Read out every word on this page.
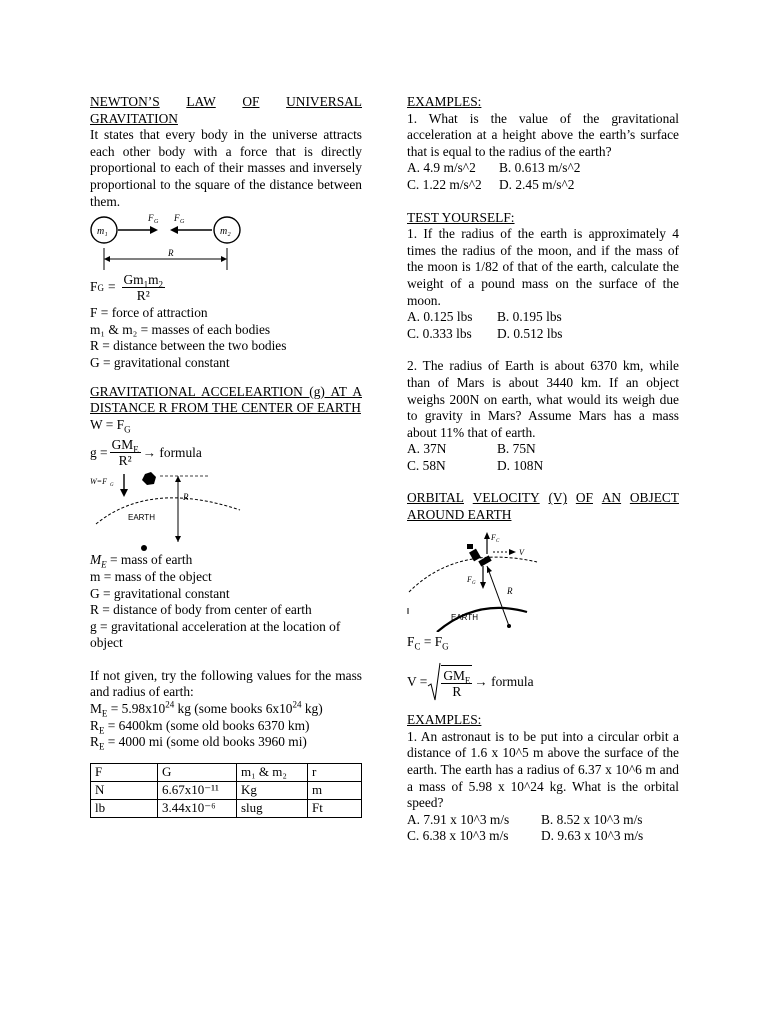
NEWTON’S LAW OF UNIVERSAL
GRAVITATION

It states that every body in the universe attracts each other body with a force that is directly proportional to each of their masses and inversely proportional to the square of the distance between them.

m₁	m₂
F G F G
R
F $G = \frac{Gm_1m_2}{\text{R²}}$
F = force of attraction
m₁ & m₂ = masses of each bodies
R = distance between the two bodies
G = gravitational constant
GRAVITATIONAL ACCELEARTION (g) AT A
DISTANCE R FROM THE CENTER OF EARTH
$W = F_G$
$g = \frac{GM_E}{\text{R²}}$ → formula
W=F G
R
EARTH
$M_E$ = mass of earth
m = mass of the object
G = gravitational constant
R = distance of body from center of earth
g = gravitational acceleration at the location of object

If not given, try the following values for the mass and radius of earth:

$M_E = 5.98x10^{24}$ kg (some books $6x10^{24}$ kg)
$R_E = 6400km$ (some old books 6370 km)
$R_E = 4000$ mi (some old books 3960 mi)
F	G	m₁ & m₂	r
N	6.67x10⁻¹¹	Kg	m
lb	3.44x10⁻⁶	slug	Ft
EXAMPLES:

1. What is the value of the gravitational acceleration at a height above the earth’s surface that is equal to the radius of the earth?

A. 4.9 m/s^2	B. 0.613 m/s^2
C. 1.22 m/s^2	D. 2.45 m/s^2
TEST YOURSELF:

1. If the radius of the earth is approximately 4 times the radius of the moon, and if the mass of the moon is 1/82 of that of the earth, calculate the weight of a pound mass on the surface of the moon.

A. 0.125 lbs	B. 0.195 lbs
C. 0.333 lbs	D. 0.512 lbs

2. The radius of Earth is about 6370 km, while than of Mars is about 3440 km. If an object weighs 200N on earth, what would its weigh due to gravity in Mars? Assume Mars has a mass about 11% that of earth.

A. 37N	B. 75N
C. 58N	D. 108N
ORBITAL VELOCITY (V) OF AN OBJECT
AROUND EARTH
EARTH
F C
V
F G
R
$F_C = F_G$
$V = \frac{GM_E}{R}$ → formula
EXAMPLES:

1. An astronaut is to be put into a circular orbit a distance of 1.6 x 10^5 m above the surface of the earth. The earth has a radius of 6.37 x 10^6 m and a mass of 5.98 x 10^24 kg. What is the orbital speed?

A. 7.91 x 10^3 m/s	B. 8.52 x 10^3 m/s
C. 6.38 x 10^3 m/s	D. 9.63 x 10^3 m/s
